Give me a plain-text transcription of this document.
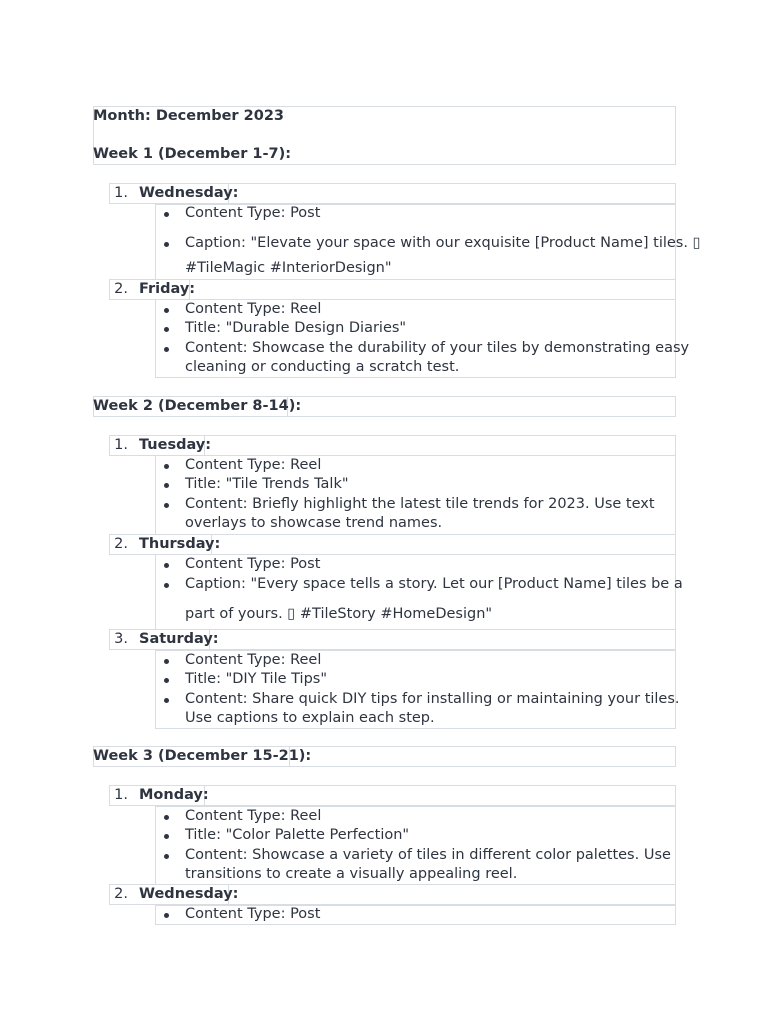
Month: December 2023
Week 1 (December 1-7):
1. Wednesday:
Content Type: Post
Caption: "Elevate your space with our exquisite [Product Name] tiles. ▯
#TileMagic #InteriorDesign"
2. Friday:
Content Type: Reel
Title: "Durable Design Diaries"
Content: Showcase the durability of your tiles by demonstrating easy
cleaning or conducting a scratch test.
Week 2 (December 8-14):
1. Tuesday:
Content Type: Reel
Title: "Tile Trends Talk"
Content: Briefly highlight the latest tile trends for 2023. Use text
overlays to showcase trend names.
2. Thursday:
Content Type: Post
Caption: "Every space tells a story. Let our [Product Name] tiles be a
part of yours. ▯ #TileStory #HomeDesign"
3. Saturday:
Content Type: Reel
Title: "DIY Tile Tips"
Content: Share quick DIY tips for installing or maintaining your tiles.
Use captions to explain each step.
Week 3 (December 15-21):
1. Monday:
Content Type: Reel
Title: "Color Palette Perfection"
Content: Showcase a variety of tiles in different color palettes. Use
transitions to create a visually appealing reel.
2. Wednesday:
Content Type: Post
